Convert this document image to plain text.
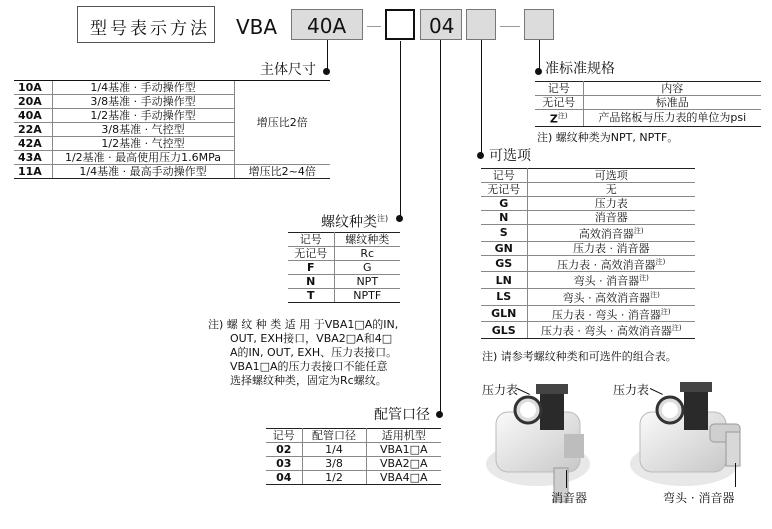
型号表示方法 VBA 40A	04
主体尺寸
10A	1/4基准 · 手动操作型	增压比2倍
20A	3/8基准 · 手动操作型	
40A	1/2基准 · 手动操作型	
22A	3/8基准 · 气控型	
42A	1/2基准 · 气控型	
43A	1/2基准 · 最高使用压力1.6MPa	
11A	1/4基准 · 最高手动操作型	增压比2~4倍
螺纹种类$^{注)}$
记号	螺纹种类
无记号	Rc
F	G
N	NPT
T	NPTF
注) 螺 纹 种 类 适 用 于VBA1□A的IN,
OUT, EXH接口，VBA2□A和4□
A的IN, OUT, EXH、压力表接口。
VBA1□A的压力表接口不能任意
选择螺纹种类，固定为Rc螺纹。
配管口径
记号	配管口径	适用机型
02	1/4	VBA1□A
03	3/8	VBA2□A
04	1/2	VBA4□A
准标准规格
记号	内容
无记号	标准品
$Z^{注)}$	产品铭板与压力表的单位为psi
注) 螺纹种类为NPT, NPTF。
可选项
记号	可选项
无记号	无
G	压力表
N	消音器
S	高效消音器$^{注)}$
GN	压力表 · 消音器
GS	压力表 · 高效消音器$^{注)}$
LN	弯头 · 消音器$^{注)}$
LS	弯头 · 高效消音器$^{注)}$
GLN	压力表 · 弯头 · 消音器$^{注)}$
GLS	压力表 · 弯头 · 高效消音器$^{注)}$
注) 请参考螺纹种类和可选件的组合表。
压力表
消音器
压力表
弯头 · 消音器
